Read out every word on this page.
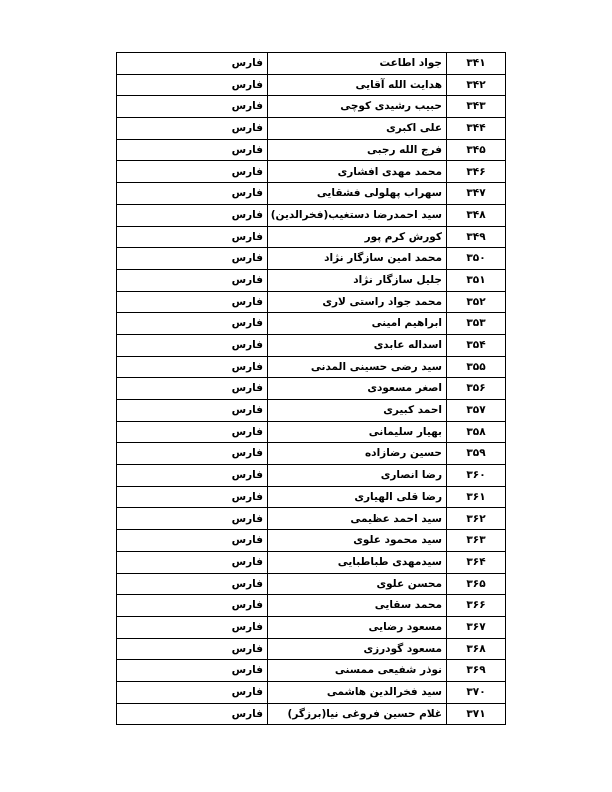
۳۴۱	جواد اطاعت	فارس
۳۴۲	هدایت الله آقایی	فارس
۳۴۳	حبیب رشیدی کوچی	فارس
۳۴۴	علی اکبری	فارس
۳۴۵	فرج الله رجبی	فارس
۳۴۶	محمد مهدی افشاری	فارس
۳۴۷	سهراب پهلولی فشقایی	فارس
۳۴۸	سید احمدرضا دستغیب(فخرالدین)	فارس
۳۴۹	کورش کرم پور	فارس
۳۵۰	محمد امین سازگار نژاد	فارس
۳۵۱	جلیل سازگار نژاد	فارس
۳۵۲	محمد جواد راستی لاری	فارس
۳۵۳	ابراهیم امینی	فارس
۳۵۴	اسداله عابدی	فارس
۳۵۵	سید رضی حسینی المدنی	فارس
۳۵۶	اصغر مسعودی	فارس
۳۵۷	احمد کبیری	فارس
۳۵۸	بهیار سلیمانی	فارس
۳۵۹	حسین رضازاده	فارس
۳۶۰	رضا انصاری	فارس
۳۶۱	رضا قلی الهیاری	فارس
۳۶۲	سید احمد عظیمی	فارس
۳۶۳	سید محمود علوی	فارس
۳۶۴	سیدمهدی طباطبایی	فارس
۳۶۵	محسن علوی	فارس
۳۶۶	محمد سقایی	فارس
۳۶۷	مسعود رضایی	فارس
۳۶۸	مسعود گودرزی	فارس
۳۶۹	نوذر شفیعی ممسنی	فارس
۳۷۰	سید فخرالدین هاشمی	فارس
۳۷۱	غلام حسین فروغی نیا(برزگر)	فارس
